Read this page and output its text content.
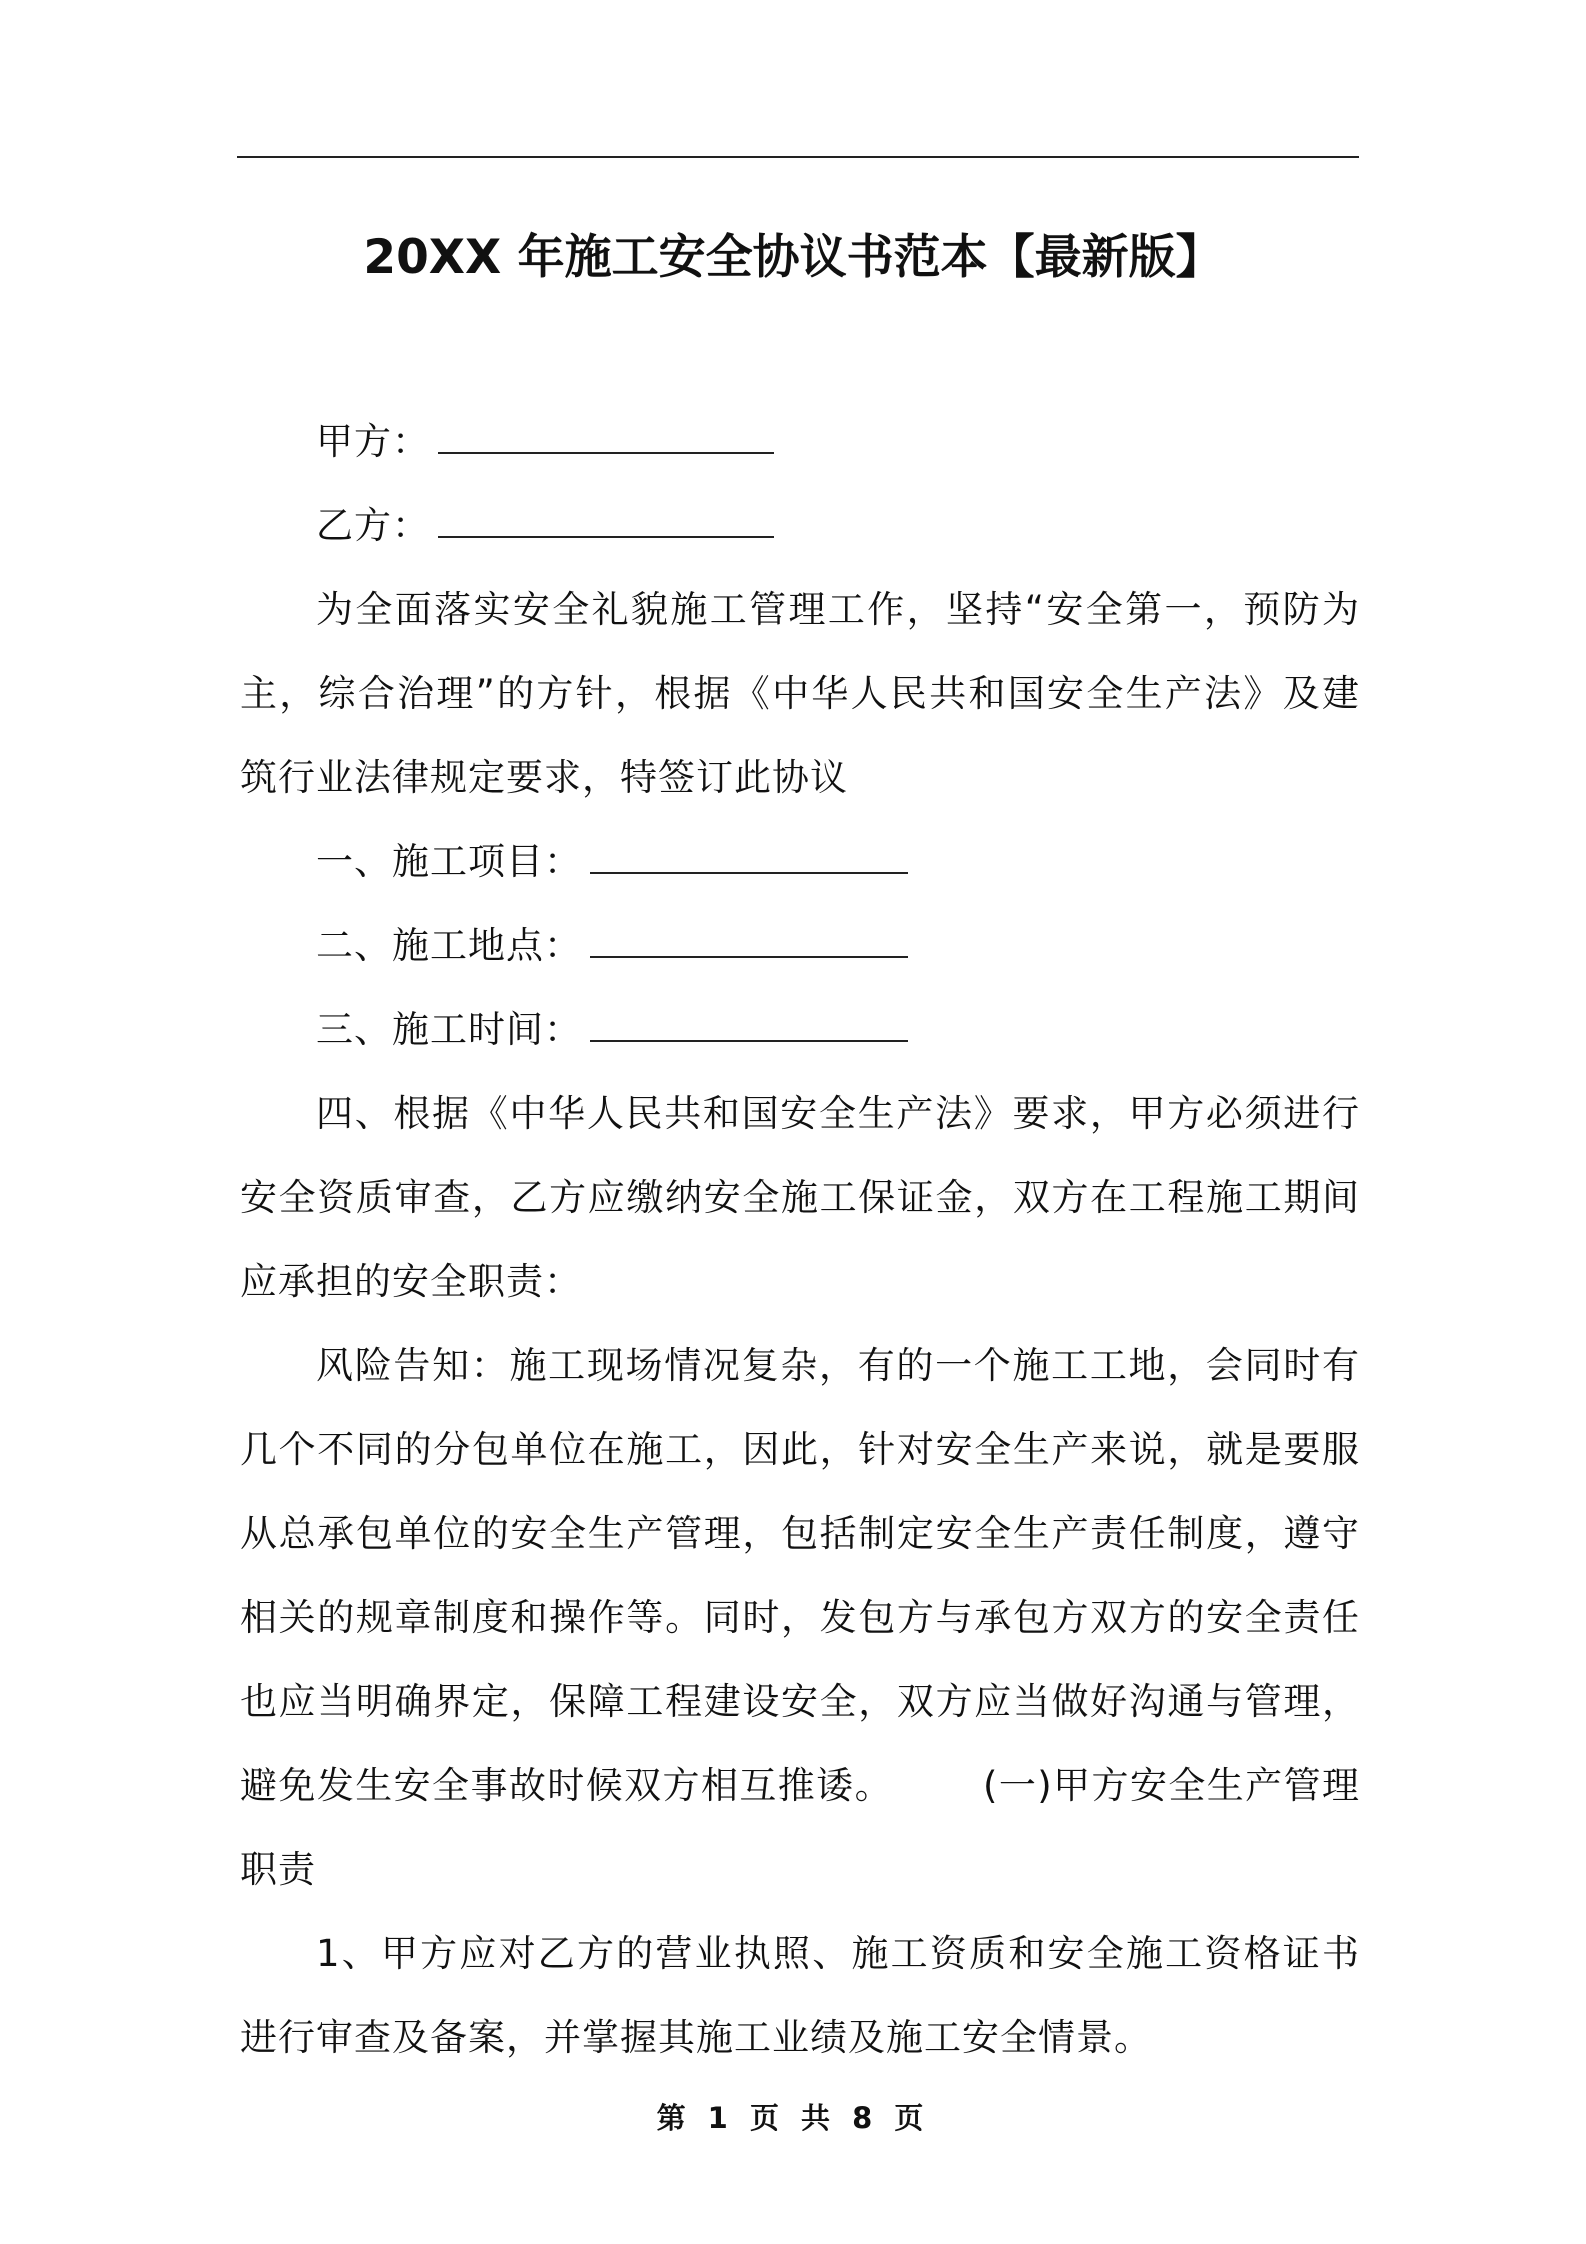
20XX 年施工安全协议书范本【最新版】

甲方：

乙方：

为全面落实安全礼貌施工管理工作，坚持“安全第一，预防为主，综合治理”的方针，根据《中华人民共和国安全生产法》及建筑行业法律规定要求，特签订此协议

一、施工项目：

二、施工地点：

三、施工时间：

四、根据《中华人民共和国安全生产法》要求，甲方必须进行安全资质审查，乙方应缴纳安全施工保证金，双方在工程施工期间应承担的安全职责：

风险告知：施工现场情况复杂，有的一个施工工地，会同时有几个不同的分包单位在施工，因此，针对安全生产来说，就是要服从总承包单位的安全生产管理，包括制定安全生产责任制度，遵守相关的规章制度和操作等。同时，发包方与承包方双方的安全责任也应当明确界定，保障工程建设安全，双方应当做好沟通与管理，避免发生安全事故时候双方相互推诿。 (一)甲方安全生产管理职责

1、甲方应对乙方的营业执照、施工资质和安全施工资格证书进行审查及备案，并掌握其施工业绩及施工安全情景。

第 1 页 共 8 页
